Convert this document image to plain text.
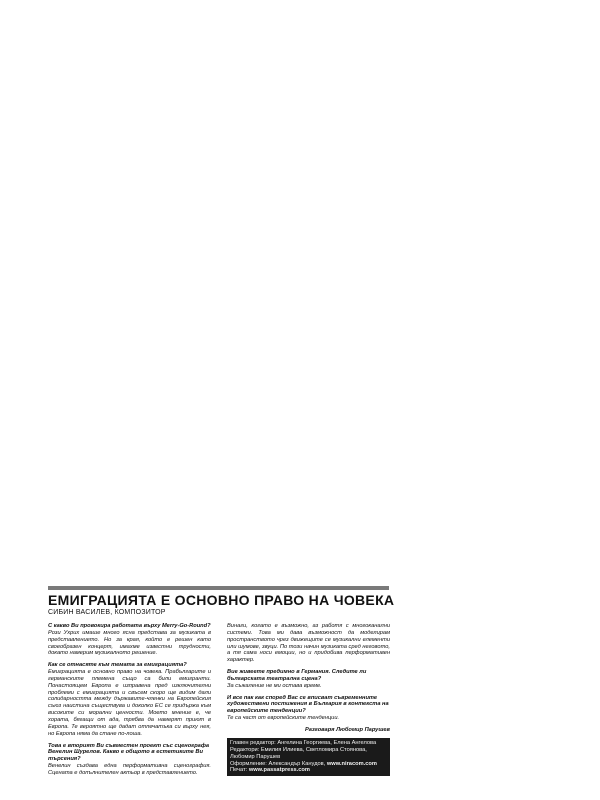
ЕМИГРАЦИЯТА Е ОСНОВНО ПРАВО НА ЧОВЕКА
СИБИН ВАСИЛЕВ, КОМПОЗИТОР
С какво Ви провокира работата върху Merry-Go-Round?
Рози Ухрих имаше много ясна представа за музиката в представлението. Но за края, който е решен като своеобразен концерт, имахме известни трудности, докато намерим музикалното решение.
Как се отнасяте към темата за емиграцията?
Емиграцията е основно право на човека. Прабългарите и германските племена също са били емигранти. Понастоящем Европа е изправена пред изключителни проблеми с емиграцията и свъсем скоро ще видим дали солидарността между държавите-членки на Европейския съюз наистина съществува и доколко ЕС се придържа към високите си морални ценности. Моето мнение е, че хората, бягащи от ада, трябва да намерят приют в Европа. Те вероятно ще дадат отпечатъка си върху нея, но Европа няма да стане по-лоша.
Това е вторият Ви съвместен проект със сценографа Венелин Шурелов. Какво е общото в естетиките Ви търсения?
Венелин създава една перформативна сценография. Сцената е допълнителен актьор в представлението.
Винаги, когато е възможно, аз работя с многоканални системи. Това ми дава възможност да моделирам пространството чрез движещите се музикални елементи или шумове, звуци. По този начин музиката сред неговото, а тя сама носи емоции, но и придобива перформативен характер.
Вие живеете предимно в Германия. Следите ли българската театрална сцена?
За съжаление не ми остава време.
И все пак как според Вас се вписват съвременните художествени постижения в България в контекста на европейските тенденции?
Те са част от европейските тенденции.
Разговаря Любомир Парушев
Главен редактор: Ангелина Георгиева, Елена Ангелова
Редактори: Емилия Илиева, Светломира Стоянова,
Любомир Парушев
Оформление: Александър Канудов, www.niracom.com
Печат: www.passatpress.com
